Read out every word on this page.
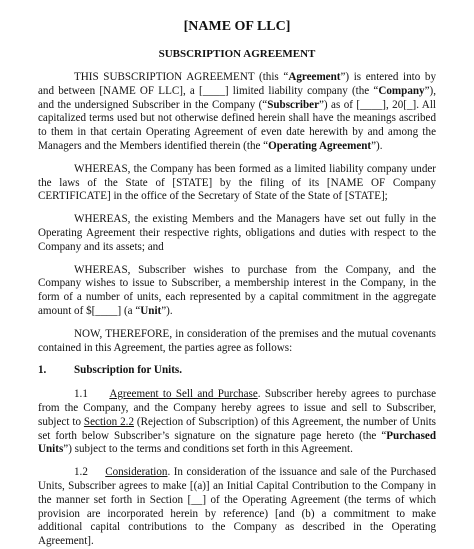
[NAME OF LLC]
SUBSCRIPTION AGREEMENT

THIS SUBSCRIPTION AGREEMENT (this “Agreement”) is entered into by and between [NAME OF LLC], a [____] limited liability company (the “Company”), and the undersigned Subscriber in the Company (“Subscriber”) as of [____], 20[_]. All capitalized terms used but not otherwise defined herein shall have the meanings ascribed to them in that certain Operating Agreement of even date herewith by and among the Managers and the Members identified therein (the “Operating Agreement”).

WHEREAS, the Company has been formed as a limited liability company under the laws of the State of [STATE] by the filing of its [NAME OF Company CERTIFICATE] in the office of the Secretary of State of the State of [STATE];

WHEREAS, the existing Members and the Managers have set out fully in the Operating Agreement their respective rights, obligations and duties with respect to the Company and its assets; and

WHEREAS, Subscriber wishes to purchase from the Company, and the Company wishes to issue to Subscriber, a membership interest in the Company, in the form of a number of units, each represented by a capital commitment in the aggregate amount of $[____] (a “Unit”).

NOW, THEREFORE, in consideration of the premises and the mutual covenants contained in this Agreement, the parties agree as follows:

1.	Subscription for Units.

1.1 Agreement to Sell and Purchase. Subscriber hereby agrees to purchase from the Company, and the Company hereby agrees to issue and sell to Subscriber, subject to Section 2.2 (Rejection of Subscription) of this Agreement, the number of Units set forth below Subscriber’s signature on the signature page hereto (the “Purchased Units”) subject to the terms and conditions set forth in this Agreement.

1.2 Consideration. In consideration of the issuance and sale of the Purchased Units, Subscriber agrees to make [(a)] an Initial Capital Contribution to the Company in the manner set forth in Section [__] of the Operating Agreement (the terms of which provision are incorporated herein by reference) [and (b) a commitment to make additional capital contributions to the Company as described in the Operating Agreement].
